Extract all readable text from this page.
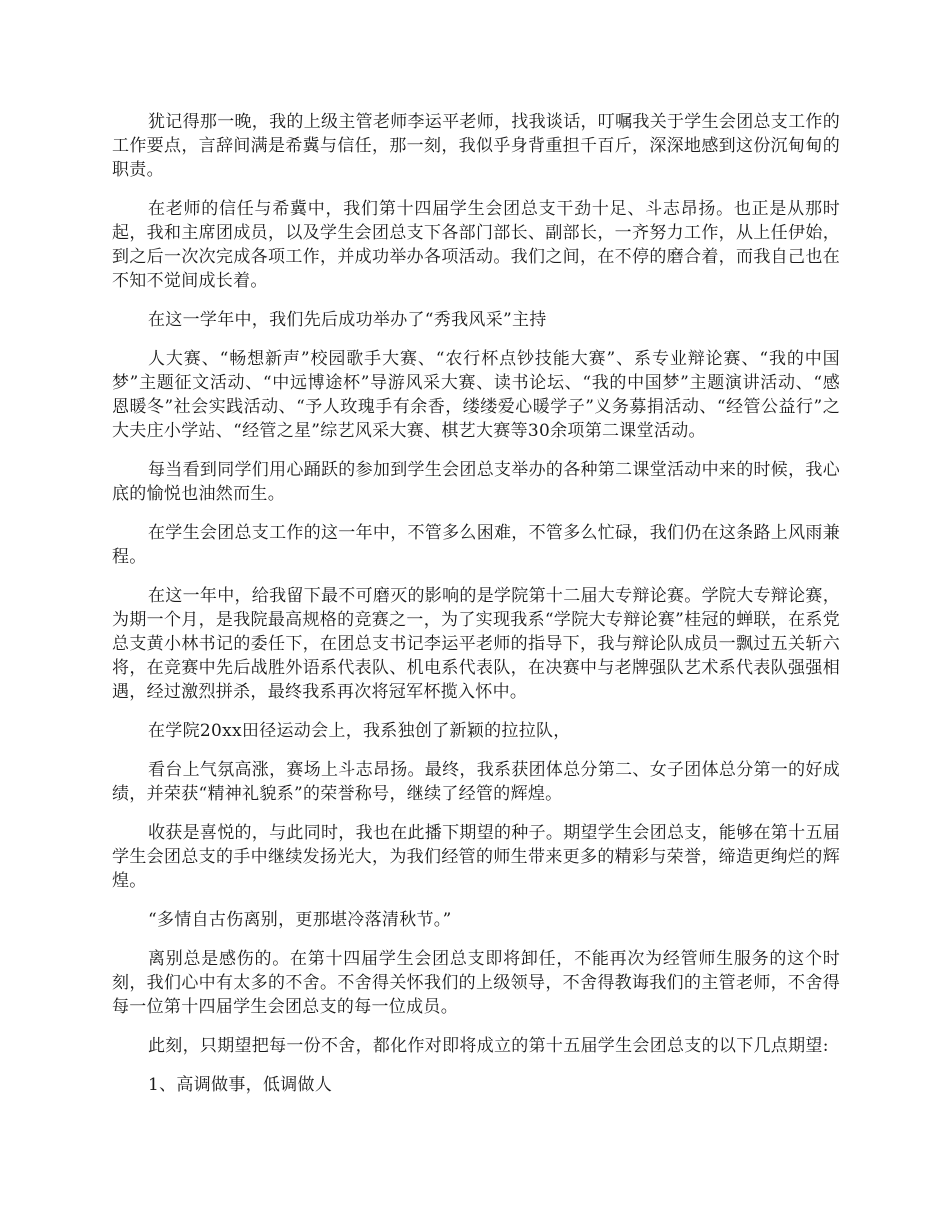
犹记得那一晚，我的上级主管老师李运平老师，找我谈话，叮嘱我关于学生会团总支工作的工作要点，言辞间满是希冀与信任，那一刻，我似乎身背重担千百斤，深深地感到这份沉甸甸的职责。

在老师的信任与希冀中，我们第十四届学生会团总支干劲十足、斗志昂扬。也正是从那时起，我和主席团成员，以及学生会团总支下各部门部长、副部长，一齐努力工作，从上任伊始，到之后一次次完成各项工作，并成功举办各项活动。我们之间，在不停的磨合着，而我自己也在不知不觉间成长着。

在这一学年中，我们先后成功举办了“秀我风采”主持

人大赛、“畅想新声”校园歌手大赛、“农行杯点钞技能大赛”、系专业辩论赛、“我的中国梦”主题征文活动、“中远博途杯”导游风采大赛、读书论坛、“我的中国梦”主题演讲活动、“感恩暖冬”社会实践活动、“予人玫瑰手有余香，缕缕爱心暖学子”义务募捐活动、“经管公益行”之大夫庄小学站、“经管之星”综艺风采大赛、棋艺大赛等30余项第二课堂活动。

每当看到同学们用心踊跃的参加到学生会团总支举办的各种第二课堂活动中来的时候，我心底的愉悦也油然而生。

在学生会团总支工作的这一年中，不管多么困难，不管多么忙碌，我们仍在这条路上风雨兼程。

在这一年中，给我留下最不可磨灭的影响的是学院第十二届大专辩论赛。学院大专辩论赛，为期一个月，是我院最高规格的竞赛之一，为了实现我系“学院大专辩论赛”桂冠的蝉联，在系党总支黄小林书记的委任下，在团总支书记李运平老师的指导下，我与辩论队成员一飘过五关斩六将，在竞赛中先后战胜外语系代表队、机电系代表队，在决赛中与老牌强队艺术系代表队强强相遇，经过激烈拼杀，最终我系再次将冠军杯揽入怀中。

在学院20xx田径运动会上，我系独创了新颖的拉拉队，

看台上气氛高涨，赛场上斗志昂扬。最终，我系获团体总分第二、女子团体总分第一的好成绩，并荣获“精神礼貌系”的荣誉称号，继续了经管的辉煌。

收获是喜悦的，与此同时，我也在此播下期望的种子。期望学生会团总支，能够在第十五届学生会团总支的手中继续发扬光大，为我们经管的师生带来更多的精彩与荣誉，缔造更绚烂的辉煌。

“多情自古伤离别，更那堪冷落清秋节。”

离别总是感伤的。在第十四届学生会团总支即将卸任，不能再次为经管师生服务的这个时刻，我们心中有太多的不舍。不舍得关怀我们的上级领导，不舍得教诲我们的主管老师，不舍得每一位第十四届学生会团总支的每一位成员。

此刻，只期望把每一份不舍，都化作对即将成立的第十五届学生会团总支的以下几点期望:

1、高调做事，低调做人
